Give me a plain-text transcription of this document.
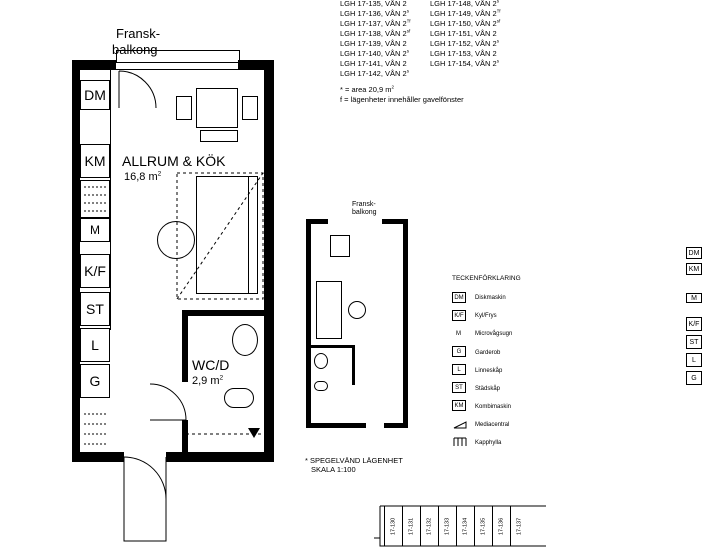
Fransk-
balkong
DM
KM
M
K/F
ST
L
G
ALLRUM & KÖK
16,8 $m^2$
WC/D
2,9 $m^2$
LGH 17-135, VÅN 2
LGH 17-136, VÅN 2$^s$
LGH 17-137, VÅN 2$^{\dagger f}$
LGH 17-138, VÅN $2^{sf}$
LGH 17-139, VÅN 2
LGH 17-140, VÅN 2$^s$
LGH 17-141, VÅN 2
LGH 17-142, VÅN 2$^s$
LGH 17-148, VÅN 2$^s$
LGH 17-149, VÅN 2$^{\dagger f}$
LGH 17-150, VÅN $2^{sf}$
LGH 17-151, VÅN 2
LGH 17-152, VÅN 2$^s$
LGH 17-153, VÅN 2
LGH 17-154, VÅN 2$^s$
* = area 20,9 $m^2$
f = lägenheter innehåller gavelfönster
Fransk-
balkong
DM
KM
M
K/F
ST
L
G
* SPEGELVÄND LÄGENHET
SKALA 1:100
TECKENFÖRKLARING
DM	Diskmaskin
K/F	Kyl/Frys
M Microvågsugn
G	Garderob
L	Linneskåp
ST	Städskåp
KM	Kombimaskin
Mediacentral
Kapphylla
17-130 17-131 17-132 17-133 17-134 17-135 17-136 17-137
